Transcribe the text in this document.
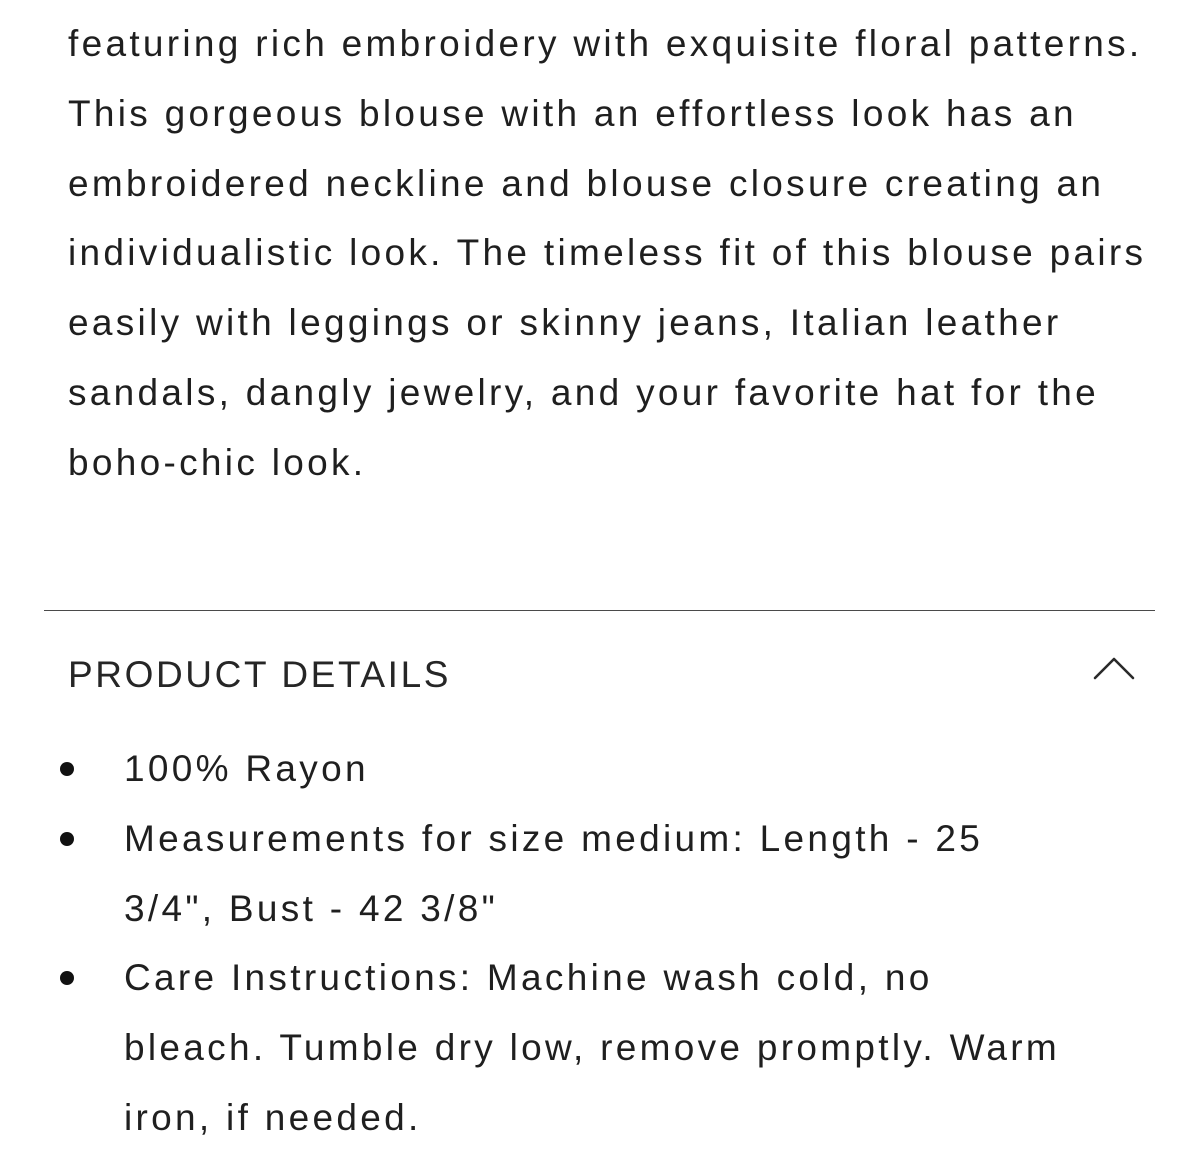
featuring rich embroidery with exquisite floral patterns. This gorgeous blouse with an effortless look has an embroidered neckline and blouse closure creating an individualistic look. The timeless fit of this blouse pairs easily with leggings or skinny jeans, Italian leather sandals, dangly jewelry, and your favorite hat for the boho-chic look.

PRODUCT DETAILS
100% Rayon
Measurements for size medium: Length - 25 3/4", Bust - 42 3/8"
Care Instructions: Machine wash cold, no bleach. Tumble dry low, remove promptly. Warm iron, if needed.
